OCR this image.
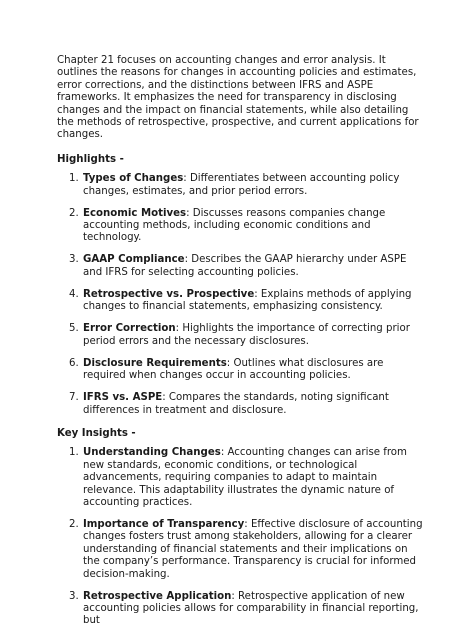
Chapter 21 focuses on accounting changes and error analysis. It outlines the reasons for changes in accounting policies and estimates, error corrections, and the distinctions between IFRS and ASPE frameworks. It emphasizes the need for transparency in disclosing changes and the impact on financial statements, while also detailing the methods of retrospective, prospective, and current applications for changes.

Highlights -
1. Types of Changes: Differentiates between accounting policy changes, estimates, and prior period errors.
2. Economic Motives: Discusses reasons companies change accounting methods, including economic conditions and technology.
3. GAAP Compliance: Describes the GAAP hierarchy under ASPE and IFRS for selecting accounting policies.
4. Retrospective vs. Prospective: Explains methods of applying changes to financial statements, emphasizing consistency.
5. Error Correction: Highlights the importance of correcting prior period errors and the necessary disclosures.
6. Disclosure Requirements: Outlines what disclosures are required when changes occur in accounting policies.
7. IFRS vs. ASPE: Compares the standards, noting significant differences in treatment and disclosure.
Key Insights -
1. Understanding Changes: Accounting changes can arise from new standards, economic conditions, or technological advancements, requiring companies to adapt to maintain relevance. This adaptability illustrates the dynamic nature of accounting practices.
2. Importance of Transparency: Effective disclosure of accounting changes fosters trust among stakeholders, allowing for a clearer understanding of financial statements and their implications on the company’s performance. Transparency is crucial for informed decision-making.
3. Retrospective Application: Retrospective application of new accounting policies allows for comparability in financial reporting, but
